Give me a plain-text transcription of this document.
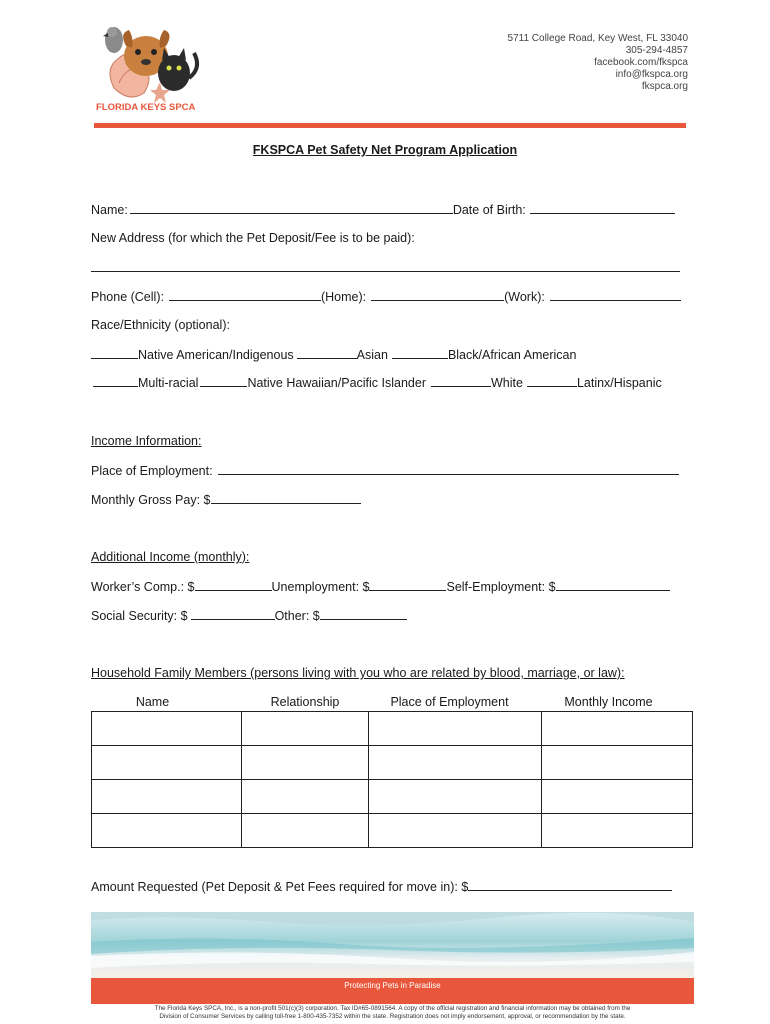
FLORIDA KEYS SPCA
5711 College Road, Key West, FL 33040
305-294-4857
facebook.com/fkspca
info@fkspca.org
fkspca.org
FKSPCA Pet Safety Net Program Application
Name:	Date of Birth:
New Address (for which the Pet Deposit/Fee is to be paid):
Phone (Cell):	(Home):	(Work):
Race/Ethnicity (optional):
Native American/Indigenous	Asian	Black/African American
Multi-racial	Native Hawaiian/Pacific Islander	White	Latinx/Hispanic
Income Information:
Place of Employment:
Monthly Gross Pay: $
Additional Income (monthly):
Worker’s Comp.: $	Unemployment: $	Self-Employment: $
Social Security: $	Other: $
Household Family Members (persons living with you who are related by blood, marriage, or law):
Name	Relationship	Place of Employment	Monthly Income

Amount Requested (Pet Deposit & Pet Fees required for move in): $
Protecting Pets in Paradise
The Florida Keys SPCA, Inc., is a non-profit 501(c)(3) corporation. Tax ID#65-0891564. A copy of the official registration and financial information may be obtained from the
Division of Consumer Services by calling toll-free 1-800-435-7352 within the state. Registration does not imply endorsement, approval, or recommendation by the state.
